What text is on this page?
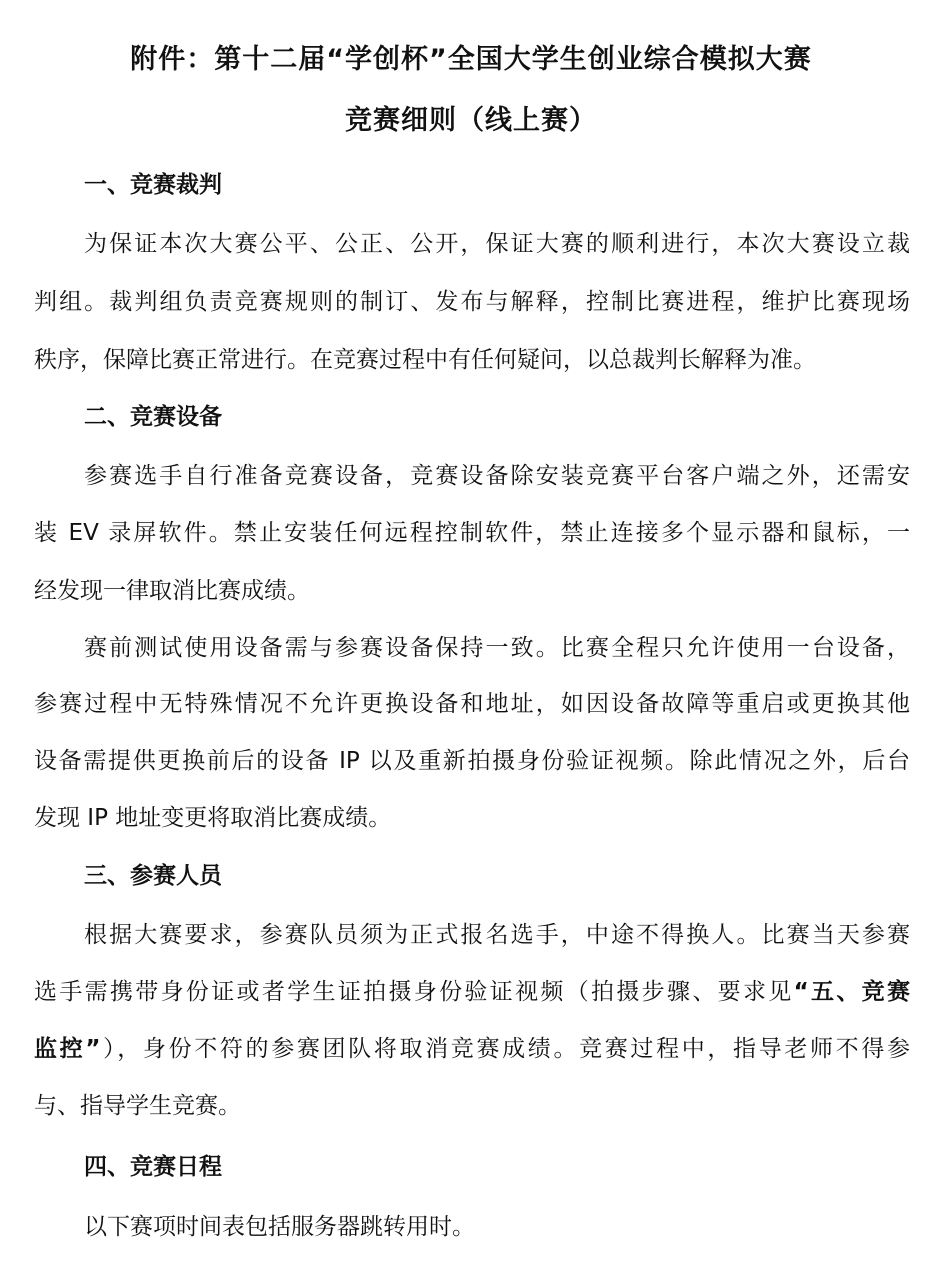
附件：第十二届“学创杯”全国大学生创业综合模拟大赛
竞赛细则（线上赛）
一、竞赛裁判
为保证本次大赛公平、公正、公开，保证大赛的顺利进行，本次大赛设立裁
判组。裁判组负责竞赛规则的制订、发布与解释，控制比赛进程，维护比赛现场
秩序，保障比赛正常进行。在竞赛过程中有任何疑问，以总裁判长解释为准。
二、竞赛设备
参赛选手自行准备竞赛设备，竞赛设备除安装竞赛平台客户端之外，还需安
装 EV 录屏软件。禁止安装任何远程控制软件，禁止连接多个显示器和鼠标，一
经发现一律取消比赛成绩。
赛前测试使用设备需与参赛设备保持一致。比赛全程只允许使用一台设备，
参赛过程中无特殊情况不允许更换设备和地址，如因设备故障等重启或更换其他
设备需提供更换前后的设备 IP 以及重新拍摄身份验证视频。除此情况之外，后台
发现 IP 地址变更将取消比赛成绩。
三、参赛人员
根据大赛要求，参赛队员须为正式报名选手，中途不得换人。比赛当天参赛
选手需携带身份证或者学生证拍摄身份验证视频（拍摄步骤、要求见“五、竞赛
监控”），身份不符的参赛团队将取消竞赛成绩。竞赛过程中，指导老师不得参
与、指导学生竞赛。
四、竞赛日程
以下赛项时间表包括服务器跳转用时。
